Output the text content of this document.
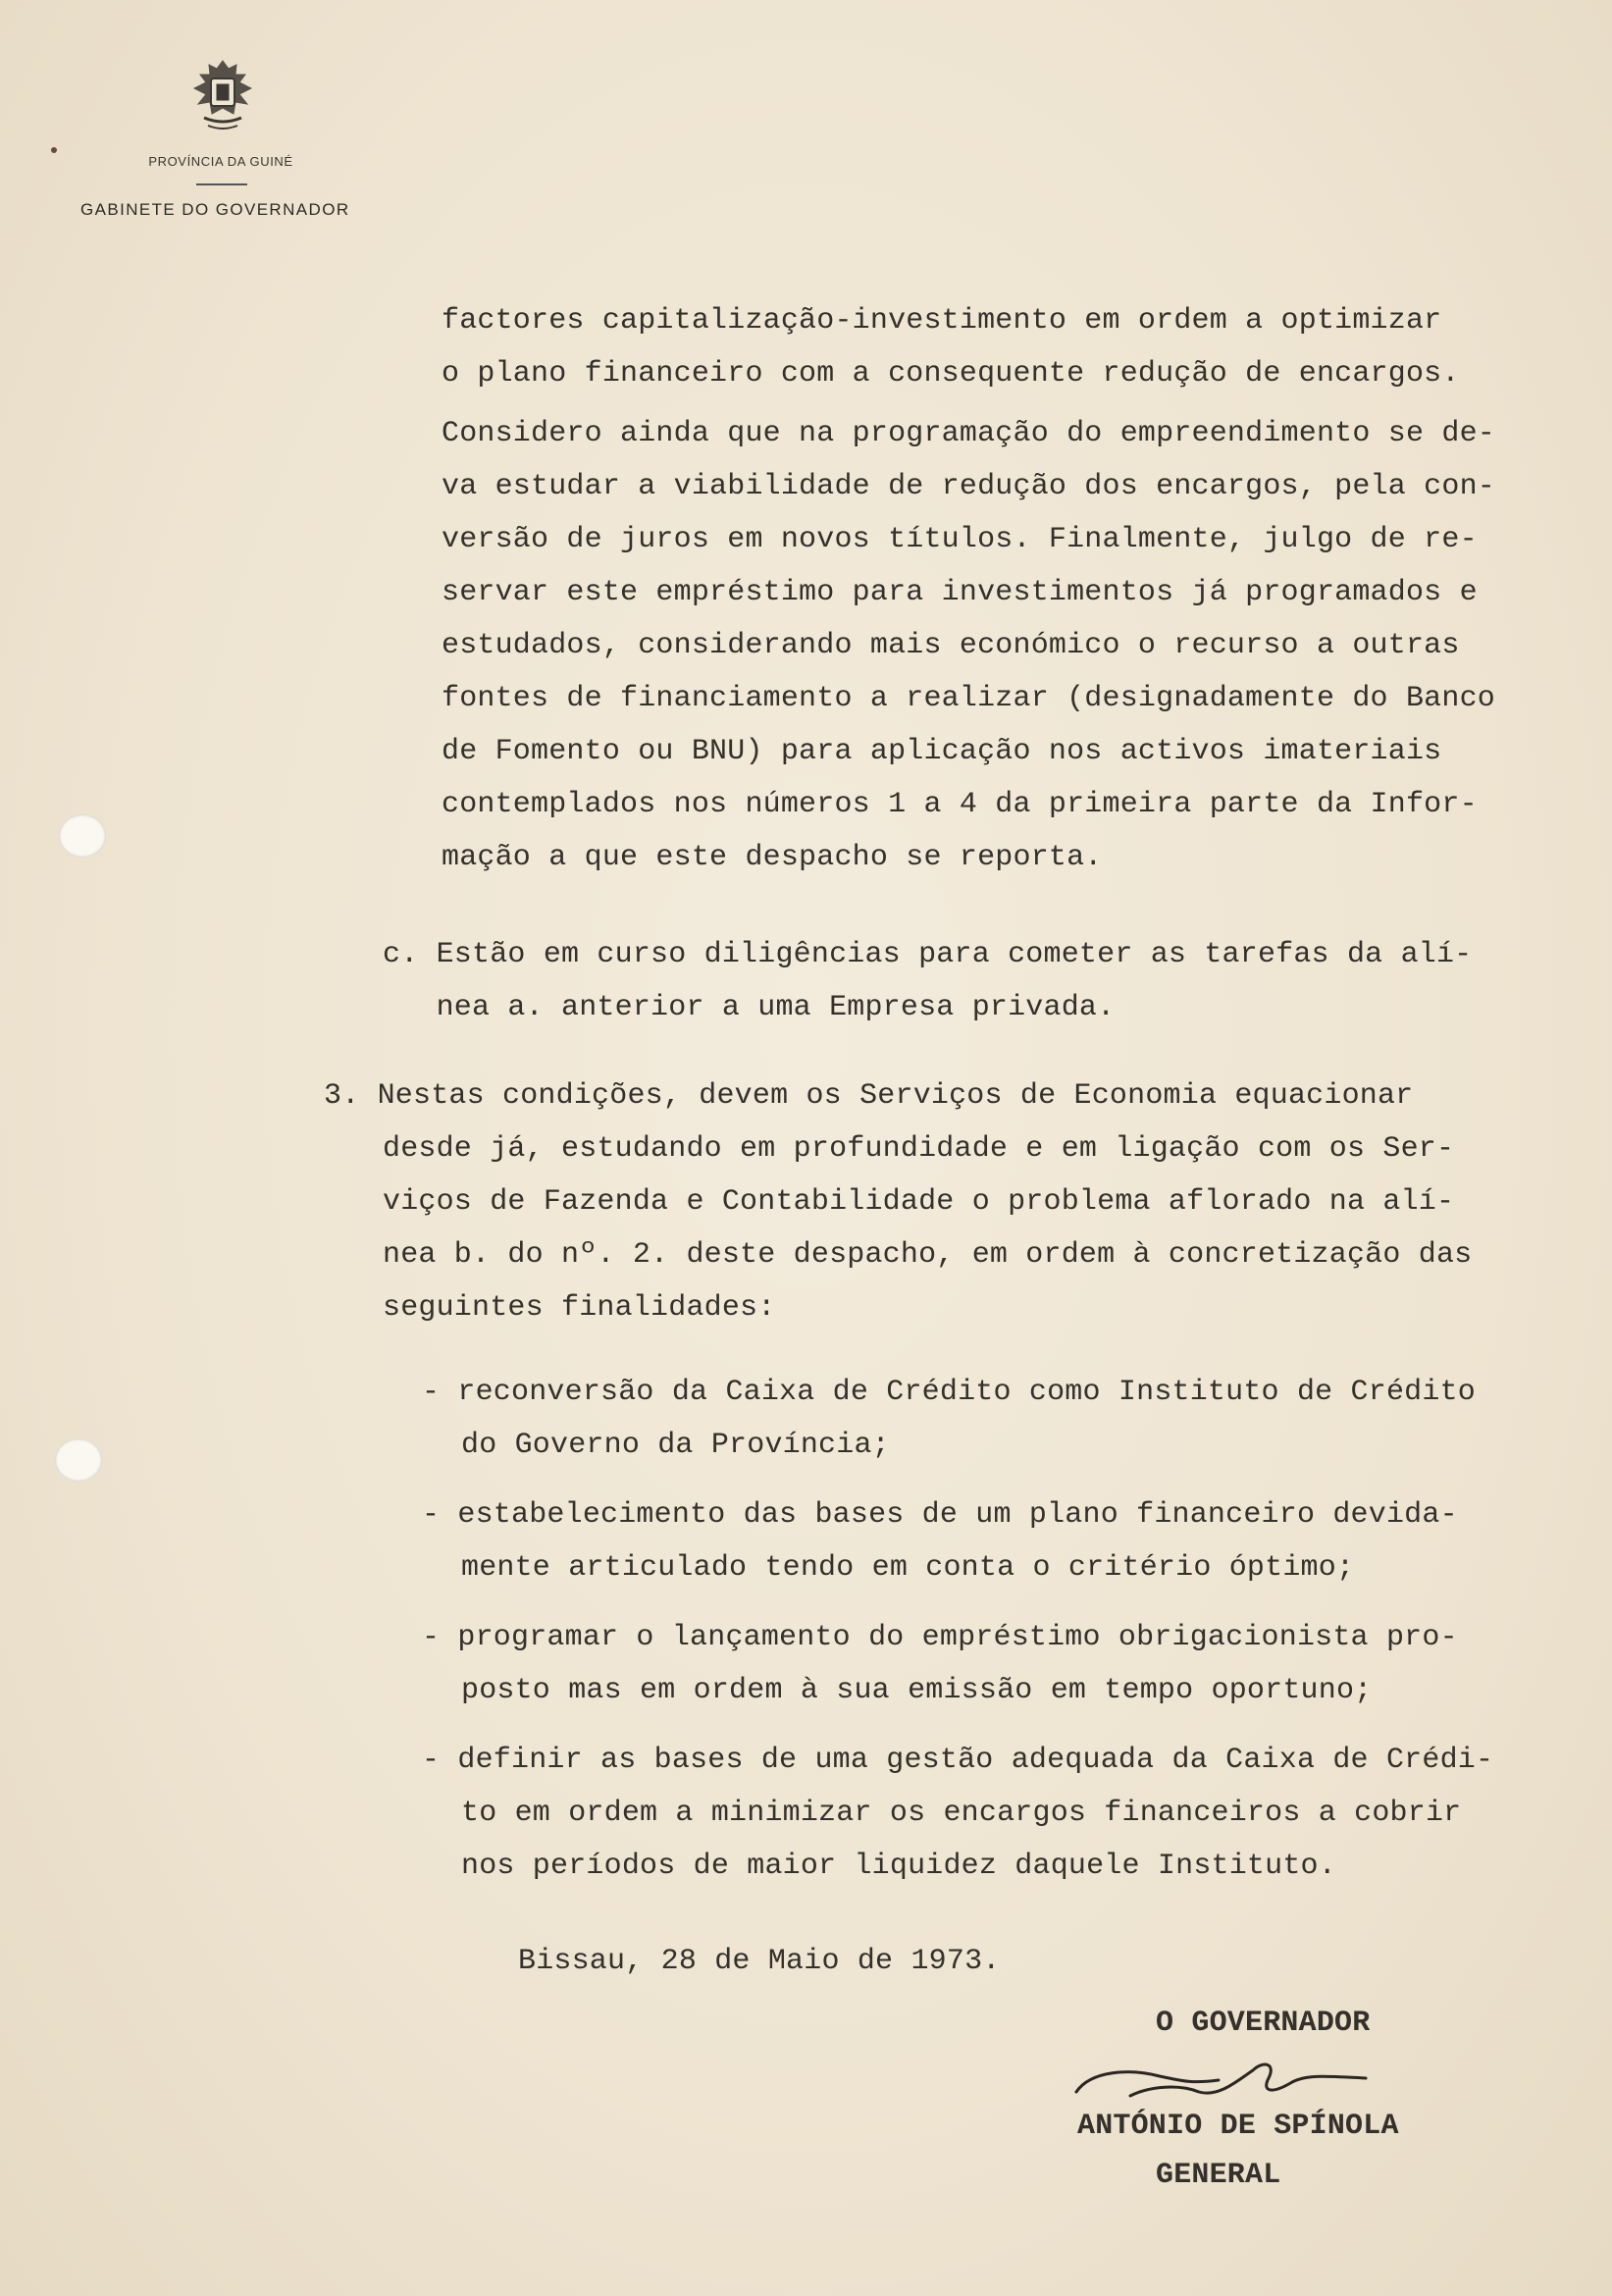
PROVÍNCIA DA GUINÉ
GABINETE DO GOVERNADOR
factores capitalização-investimento em ordem a optimizar
o plano financeiro com a consequente redução de encargos.
Considero ainda que na programação do empreendimento se de-
va estudar a viabilidade de redução dos encargos, pela con-
versão de juros em novos títulos. Finalmente, julgo de re-
servar este empréstimo para investimentos já programados e
estudados, considerando mais económico o recurso a outras
fontes de financiamento a realizar (designadamente do Banco
de Fomento ou BNU) para aplicação nos activos imateriais
contemplados nos números 1 a 4 da primeira parte da Infor-
mação a que este despacho se reporta.
c. Estão em curso diligências para cometer as tarefas da alí-
nea a. anterior a uma Empresa privada.
3. Nestas condições, devem os Serviços de Economia equacionar
desde já, estudando em profundidade e em ligação com os Ser-
viços de Fazenda e Contabilidade o problema aflorado na alí-
nea b. do nº. 2. deste despacho, em ordem à concretização das
seguintes finalidades:
- reconversão da Caixa de Crédito como Instituto de Crédito
do Governo da Província;
- estabelecimento das bases de um plano financeiro devida-
mente articulado tendo em conta o critério óptimo;
- programar o lançamento do empréstimo obrigacionista pro-
posto mas em ordem à sua emissão em tempo oportuno;
- definir as bases de uma gestão adequada da Caixa de Crédi-
to em ordem a minimizar os encargos financeiros a cobrir
nos períodos de maior liquidez daquele Instituto.
Bissau, 28 de Maio de 1973.
O GOVERNADOR
ANTÓNIO DE SPÍNOLA
GENERAL
